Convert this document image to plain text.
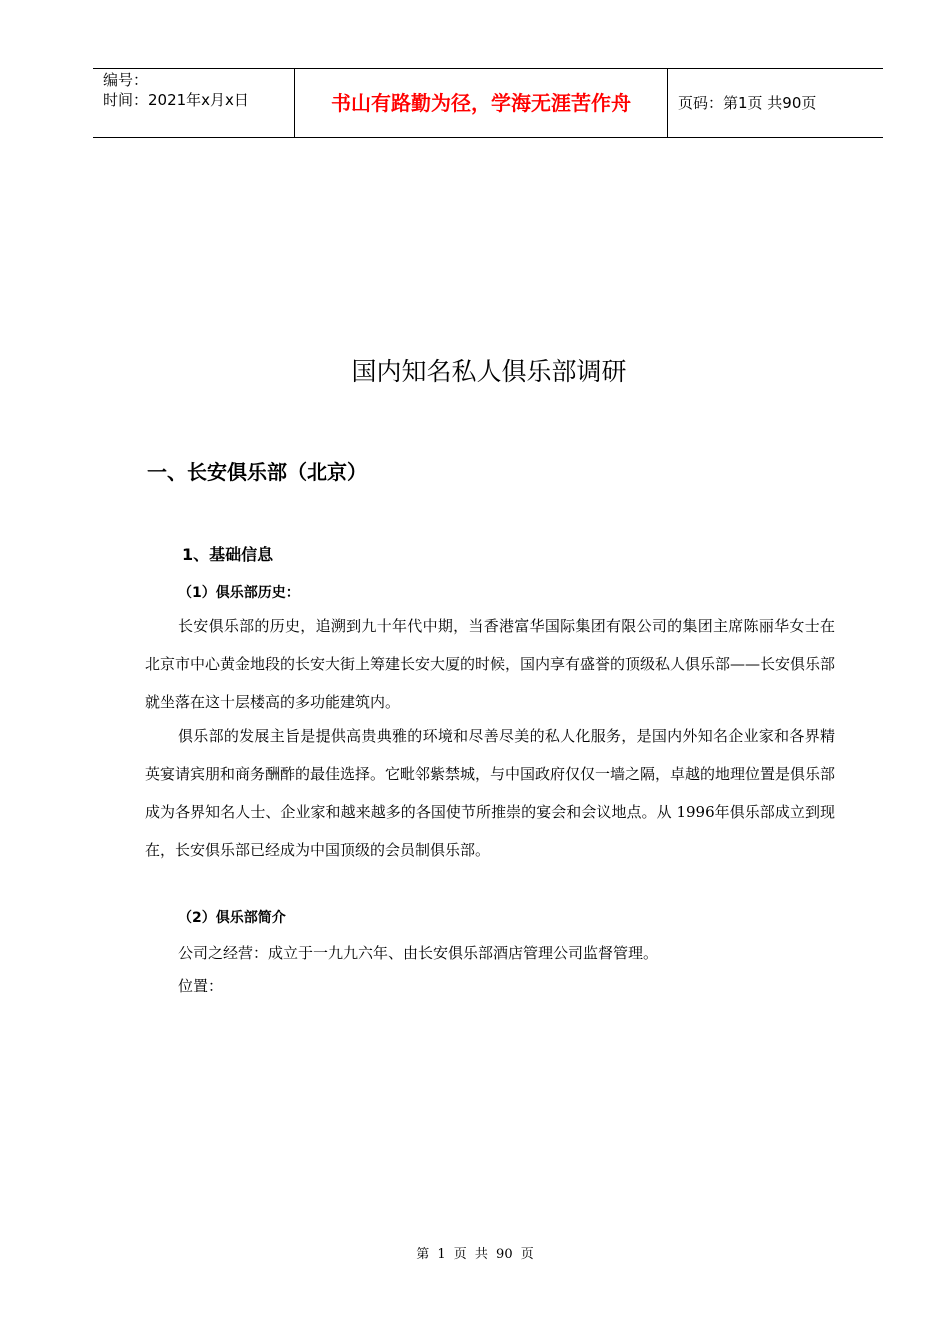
编号：
时间：2021年x月x日	书山有路勤为径，学海无涯苦作舟	页码：第1页 共90页
国内知名私人俱乐部调研
一、长安俱乐部（北京）
1、基础信息
（1）俱乐部历史：

长安俱乐部的历史，追溯到九十年代中期，当香港富华国际集团有限公司的集团主席陈丽华女士在北京市中心黄金地段的长安大街上筹建长安大厦的时候，国内享有盛誉的顶级私人俱乐部——长安俱乐部就坐落在这十层楼高的多功能建筑内。

俱乐部的发展主旨是提供高贵典雅的环境和尽善尽美的私人化服务，是国内外知名企业家和各界精英宴请宾朋和商务酬酢的最佳选择。它毗邻紫禁城，与中国政府仅仅一墙之隔，卓越的地理位置是俱乐部成为各界知名人士、企业家和越来越多的各国使节所推崇的宴会和会议地点。从 1996年俱乐部成立到现在，长安俱乐部已经成为中国顶级的会员制俱乐部。

（2）俱乐部简介
公司之经营：成立于一九九六年、由长安俱乐部酒店管理公司监督管理。
位置：
第 1 页 共 90 页
